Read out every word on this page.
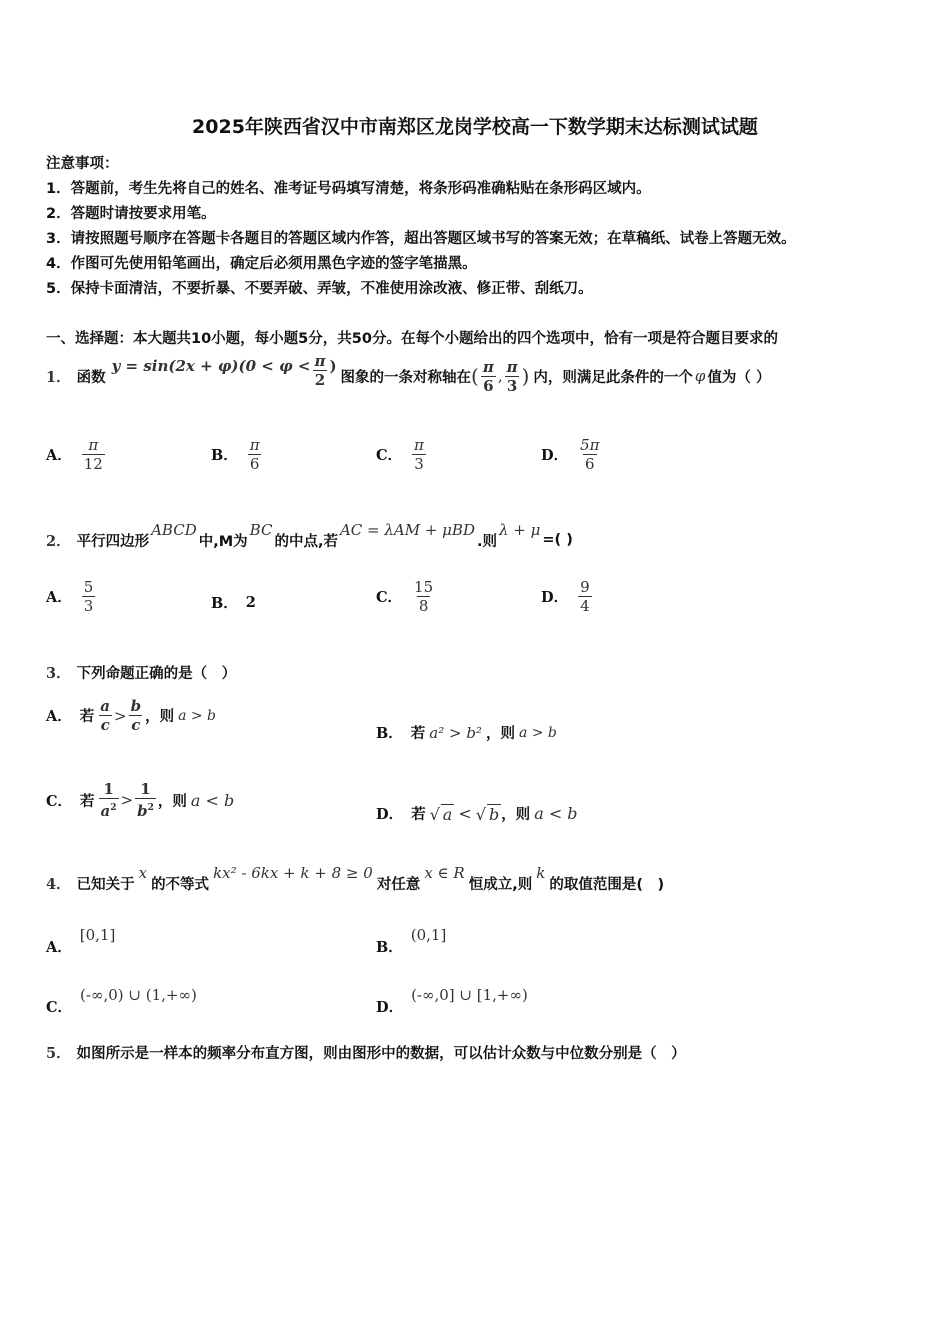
2025年陕西省汉中市南郑区龙岗学校高一下数学期末达标测试试题
注意事项：
1．答题前，考生先将自己的姓名、准考证号码填写清楚，将条形码准确粘贴在条形码区域内。
2．答题时请按要求用笔。
3．请按照题号顺序在答题卡各题目的答题区域内作答，超出答题区域书写的答案无效；在草稿纸、试卷上答题无效。
4．作图可先使用铅笔画出，确定后必须用黑色字迹的签字笔描黑。
5．保持卡面清洁，不要折暴、不要弄破、弄皱，不准使用涂改液、修正带、刮纸刀。
一、选择题：本大题共10小题，每小题5分，共50分。在每个小题给出的四个选项中，恰有一项是符合题目要求的
1． 函数
$y = \sin(2x + \varphi)(0 < \varphi < \frac{\pi}{2}$ )
图象的一条对称轴在 ( $\frac{\pi}{6}$ , $\frac{\pi}{3}$ ) 内，则满足此条件的一个 φ 值为（ ）
A． $\frac{\pi}{12}$	B． $\frac{\pi}{6}$	C． $\frac{\pi}{3}$	D． $\frac{5\pi}{6}$
2． 平行四边形
ABCD
中,M为
BC
的中点,若
AC = λAM + μBD
.则
λ + μ
=( )
A． $\frac{5}{3}$	B． 2	C． $\frac{15}{8}$	D． $\frac{9}{4}$
3． 下列命题正确的是（　）
A． 若 $\frac{a}{c} > \frac{b}{c}$ ，则 a > b
B． 若 a² > b² ，则 a > b
C． 若 $\frac{1}{a^2} > \frac{1}{b^2}$ ，则 a < b
D． 若 √ a < √ b ，则 a < b
4． 已知关于
x
的不等式
kx² - 6kx + k + 8 ≥ 0
对任意
x ∈ R
恒成立,则
k
的取值范围是(　)
A．
[0,1]
B．
(0,1]
C．
(-∞,0) ∪ (1,+∞)
D．
(-∞,0] ∪ [1,+∞)
5． 如图所示是一样本的频率分布直方图，则由图形中的数据，可以估计众数与中位数分别是（　）
